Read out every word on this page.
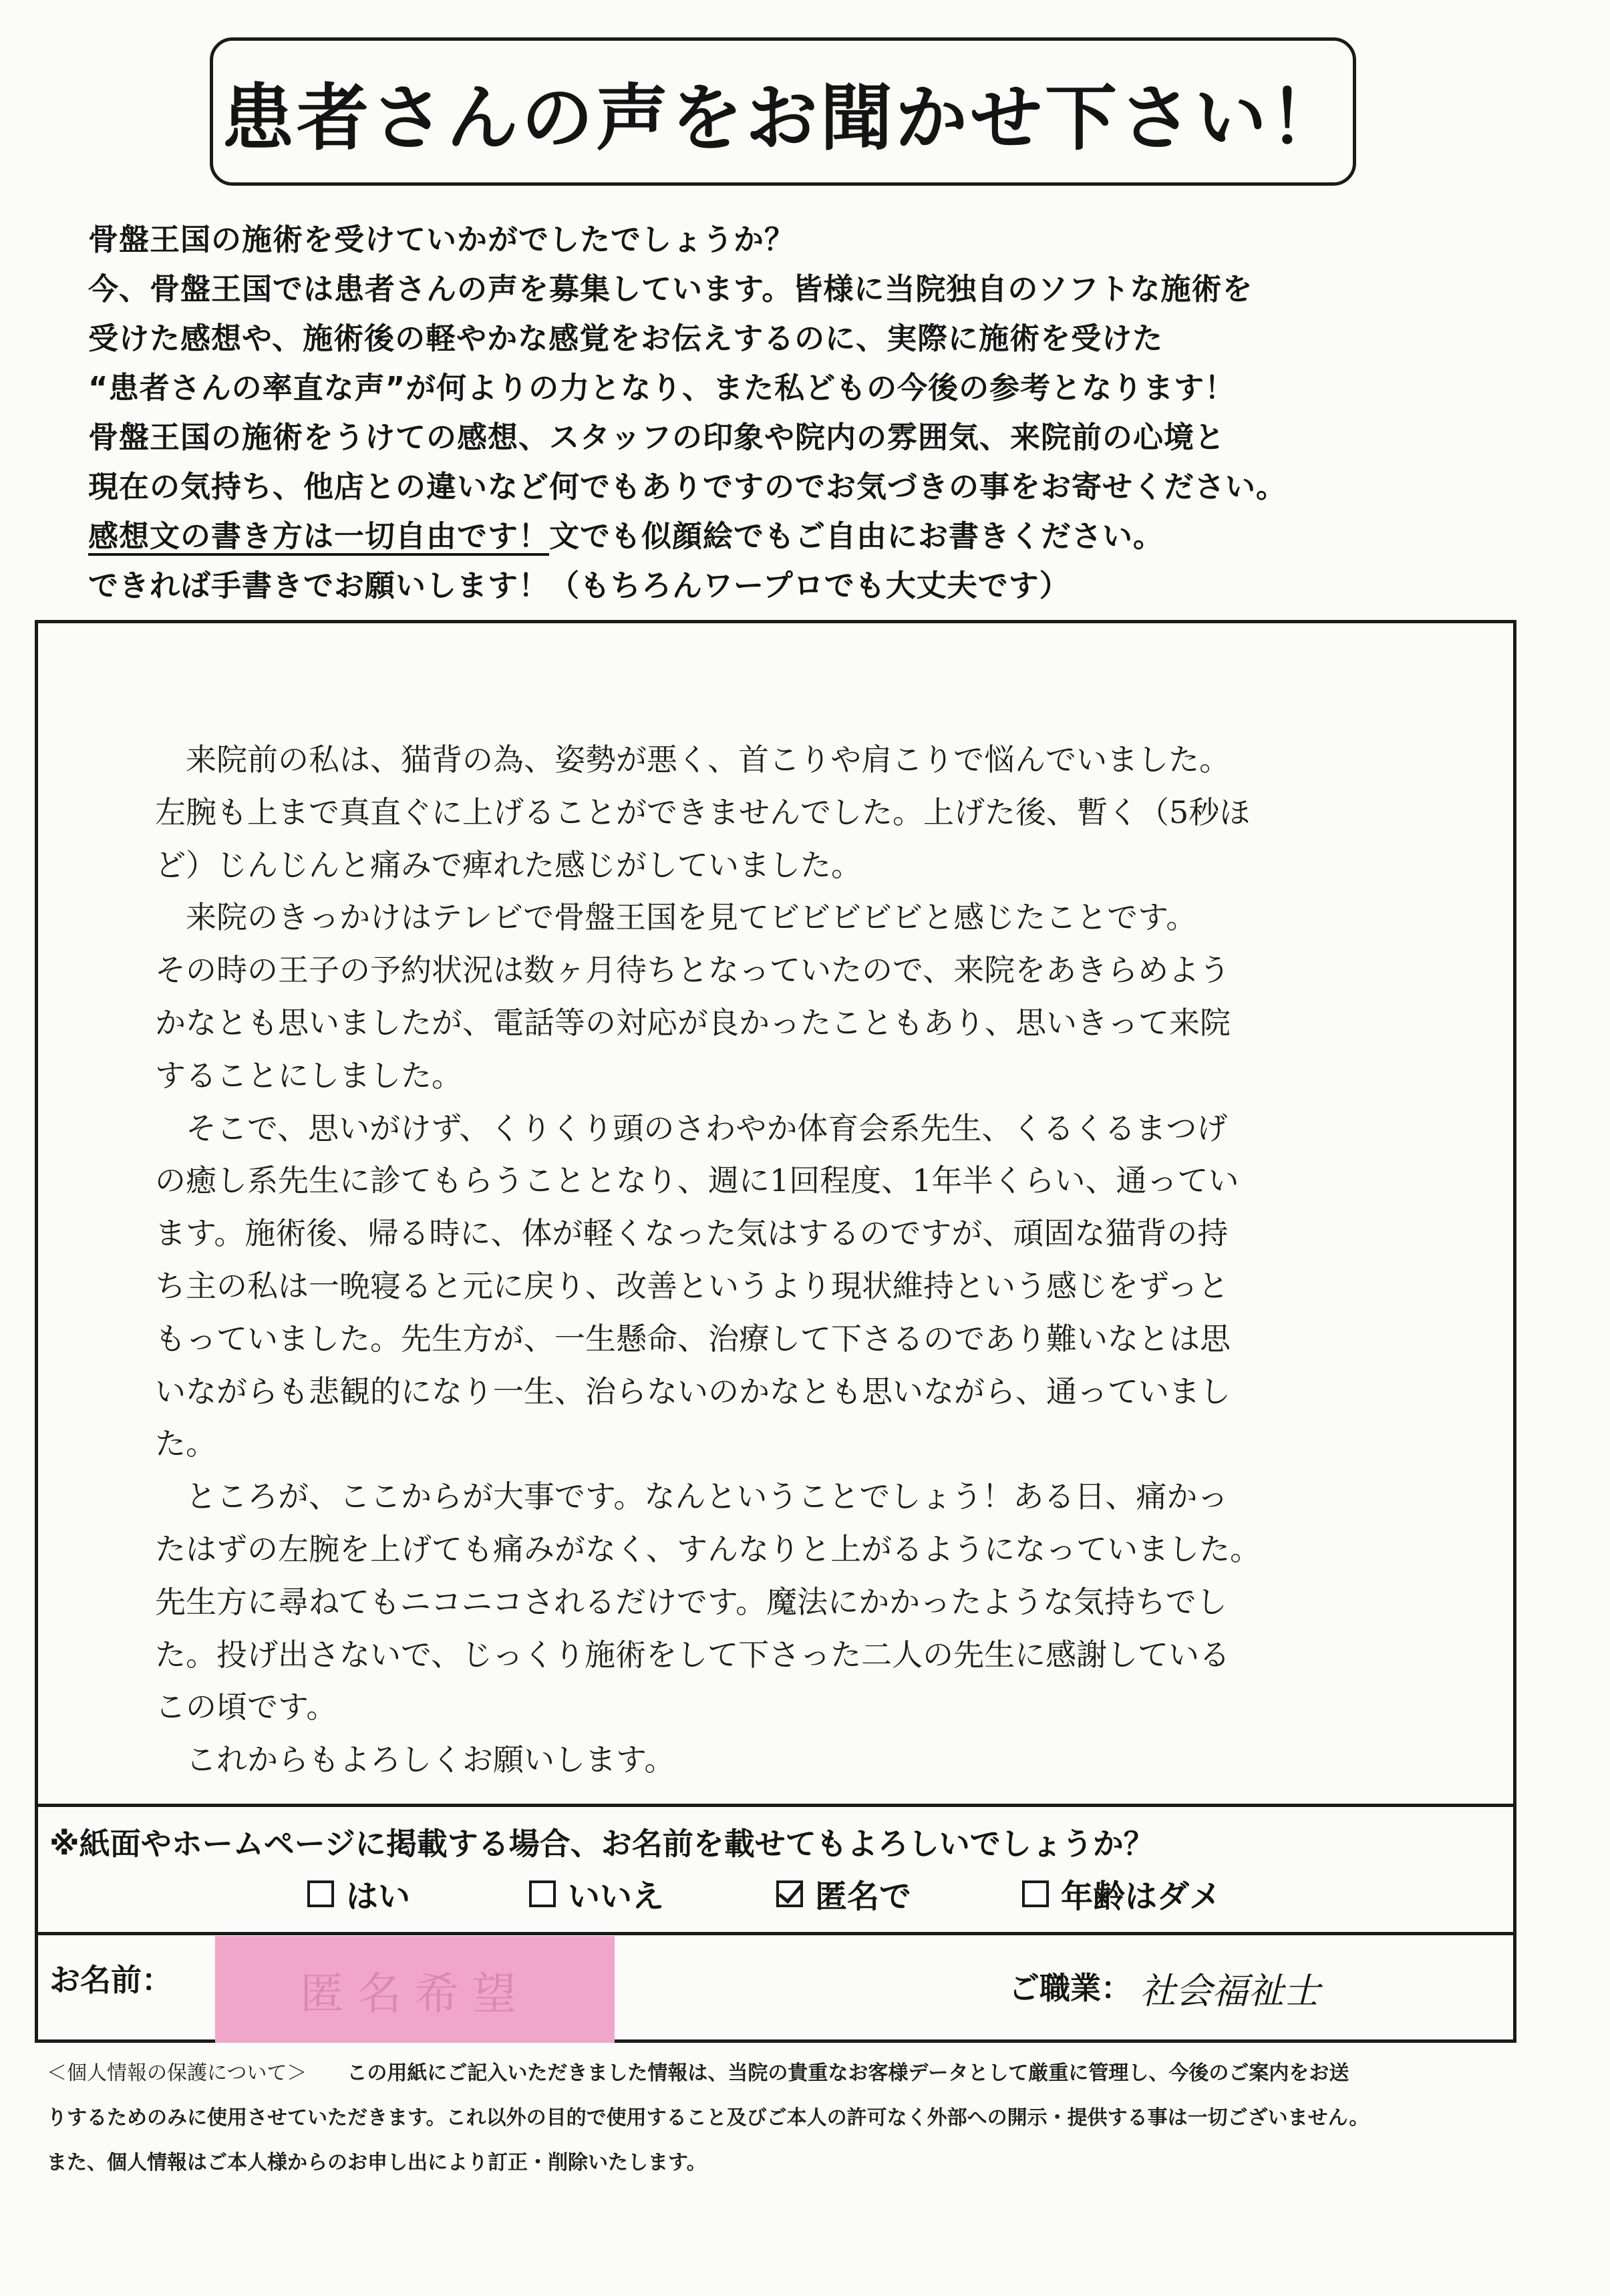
患者さんの声をお聞かせ下さい！
骨盤王国の施術を受けていかがでしたでしょうか？
今、骨盤王国では患者さんの声を募集しています。皆様に当院独自のソフトな施術を
受けた感想や、施術後の軽やかな感覚をお伝えするのに、実際に施術を受けた
“患者さんの率直な声”が何よりの力となり、また私どもの今後の参考となります！
骨盤王国の施術をうけての感想、スタッフの印象や院内の雰囲気、来院前の心境と
現在の気持ち、他店との違いなど何でもありですのでお気づきの事をお寄せください。
感想文の書き方は一切自由です！文でも似顔絵でもご自由にお書きください。
できれば手書きでお願いします！（もちろんワープロでも大丈夫です）
　来院前の私は、猫背の為、姿勢が悪く、首こりや肩こりで悩んでいました。
左腕も上まで真直ぐに上げることができませんでした。上げた後、暫く（5秒ほ
ど）じんじんと痛みで痺れた感じがしていました。
　来院のきっかけはテレビで骨盤王国を見てビビビビビと感じたことです。
その時の王子の予約状況は数ヶ月待ちとなっていたので、来院をあきらめよう
かなとも思いましたが、電話等の対応が良かったこともあり、思いきって来院
することにしました。
　そこで、思いがけず、くりくり頭のさわやか体育会系先生、くるくるまつげ
の癒し系先生に診てもらうこととなり、週に1回程度、1年半くらい、通ってい
ます。施術後、帰る時に、体が軽くなった気はするのですが、頑固な猫背の持
ち主の私は一晩寝ると元に戻り、改善というより現状維持という感じをずっと
もっていました。先生方が、一生懸命、治療して下さるのであり難いなとは思
いながらも悲観的になり一生、治らないのかなとも思いながら、通っていまし
た。
　ところが、ここからが大事です。なんということでしょう！ある日、痛かっ
たはずの左腕を上げても痛みがなく、すんなりと上がるようになっていました。
先生方に尋ねてもニコニコされるだけです。魔法にかかったような気持ちでし
た。投げ出さないで、じっくり施術をして下さった二人の先生に感謝している
この頃です。
　これからもよろしくお願いします。
※紙面やホームページに掲載する場合、お名前を載せてもよろしいでしょうか？
はい	いいえ	匿名で	年齢はダメ
お名前：	匿名希望	ご職業： 社会福祉士
＜個人情報の保護について＞ この用紙にご記入いただきました情報は、当院の貴重なお客様データとして厳重に管理し、今後のご案内をお送
りするためのみに使用させていただきます。これ以外の目的で使用すること及びご本人の許可なく外部への開示・提供する事は一切ございません。
また、個人情報はご本人様からのお申し出により訂正・削除いたします。
